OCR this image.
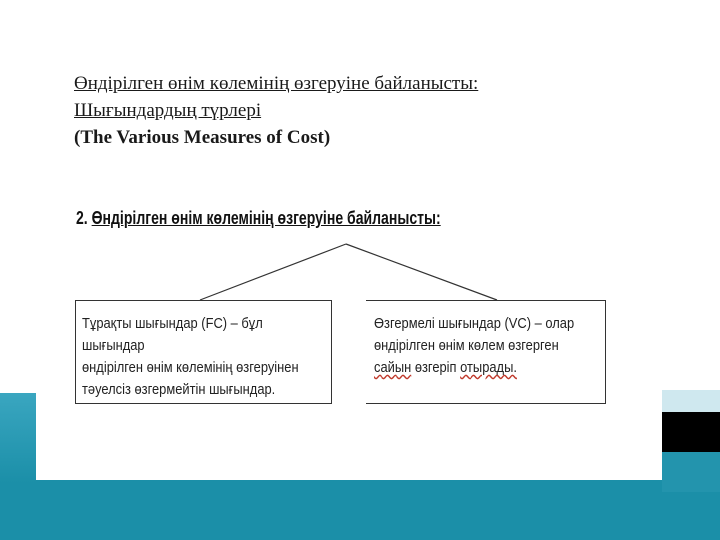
Өндірілген өнім көлемінің өзгеруіне байланысты:
Шығындардың түрлері
(The Various Measures of Cost)
2. Өндірілген өнім көлемінің өзгеруіне байланысты:
Тұрақты шығындар (FC) – бұл шығындар
өндірілген өнім көлемінің өзгеруінен
тәуелсіз өзгермейтін шығындар.
Өзгермелі шығындар (VC) – олар
өндірілген өнім көлем өзгерген
сайын өзгеріп отырады.
